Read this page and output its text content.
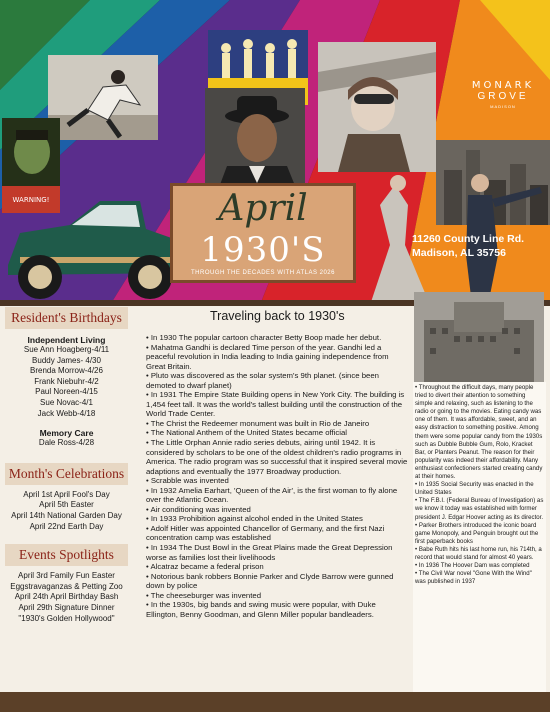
WARNING!
MONARK
GROVE
MADISON
April
1930'S
THROUGH THE DECADES WITH ATLAS 2026
11260 County Line Rd.
Madison, AL 35756
Resident's Birthdays
Independent Living
Sue Ann Hoagberg-4/11
Buddy James- 4/30
Brenda Morrow-4/26
Frank Niebuhr-4/2
Paul Noreen-4/15
Sue Novac-4/1
Jack Webb-4/18
Memory Care
Dale Ross-4/28
Month's Celebrations
April 1st April Fool's Day
April 5th Easter
April 14th National Garden Day
April 22nd Earth Day
Events Spotlights
April 3rd Family Fun Easter
Eggstravaganzas & Petting Zoo
April 24th April Birthday Bash
April 29th Signature Dinner
"1930's Golden Hollywood"
Traveling back to 1930's

• In 1930 The popular cartoon character Betty Boop made her debut.

• Mahatma Gandhi is declared Time person of the year. Gandhi led a peaceful revolution in India leading to India gaining independence from Great Britain.

• Pluto was discovered as the solar system's 9th planet. (since been demoted to dwarf planet)

• In 1931 The Empire State Building opens in New York City. The building is 1,454 feet tall. It was the world's tallest building until the construction of the World Trade Center.

• The Christ the Redeemer monument was built in Rio de Janeiro

• The National Anthem of the United States became official

• The Little Orphan Annie radio series debuts, airing until 1942. It is considered by scholars to be one of the oldest children's radio programs in America. The radio program was so successful that it inspired several movie adaptions and eventually the 1977 Broadway production.

• Scrabble was invented

• In 1932 Amelia Earhart, 'Queen of the Air', is the first woman to fly alone over the Atlantic Ocean.

• Air conditioning was invented

• In 1933 Prohibition against alcohol ended in the United States

• Adolf Hitler was appointed Chancellor of Germany, and the first Nazi concentration camp was established

• In 1934 The Dust Bowl in the Great Plains made the Great Depression worse as families lost their livelihoods

• Alcatraz became a federal prison

• Notorious bank robbers Bonnie Parker and Clyde Barrow were gunned down by police

• The cheeseburger was invented

• In the 1930s, big bands and swing music were popular, with Duke Ellington, Benny Goodman, and Glenn Miller popular bandleaders.

• Throughout the difficult days, many people tried to divert their attention to something simple and relaxing, such as listening to the radio or going to the movies. Eating candy was one of them. It was affordable, sweet, and an easy distraction to something positive. Among them were some popular candy from the 1930s such as Dubble Bubble Gum, Rolo, Kracket Bar, or Planters Peanut. The reason for their popularity was indeed their affordability. Many enthusiast confectioners started creating candy at their homes.

• In 1935 Social Security was enacted in the United States

• The F.B.I. (Federal Bureau of Investigation) as we know it today was established with former president J. Edgar Hoover acting as its director.

• Parker Brothers introduced the iconic board game Monopoly, and Penguin brought out the first paperback books

• Babe Ruth hits his last home run, his 714th, a record that would stand for almost 40 years.

• In 1936 The Hoover Dam was completed

• The Civil War novel "Gone With the Wind" was published in 1937
